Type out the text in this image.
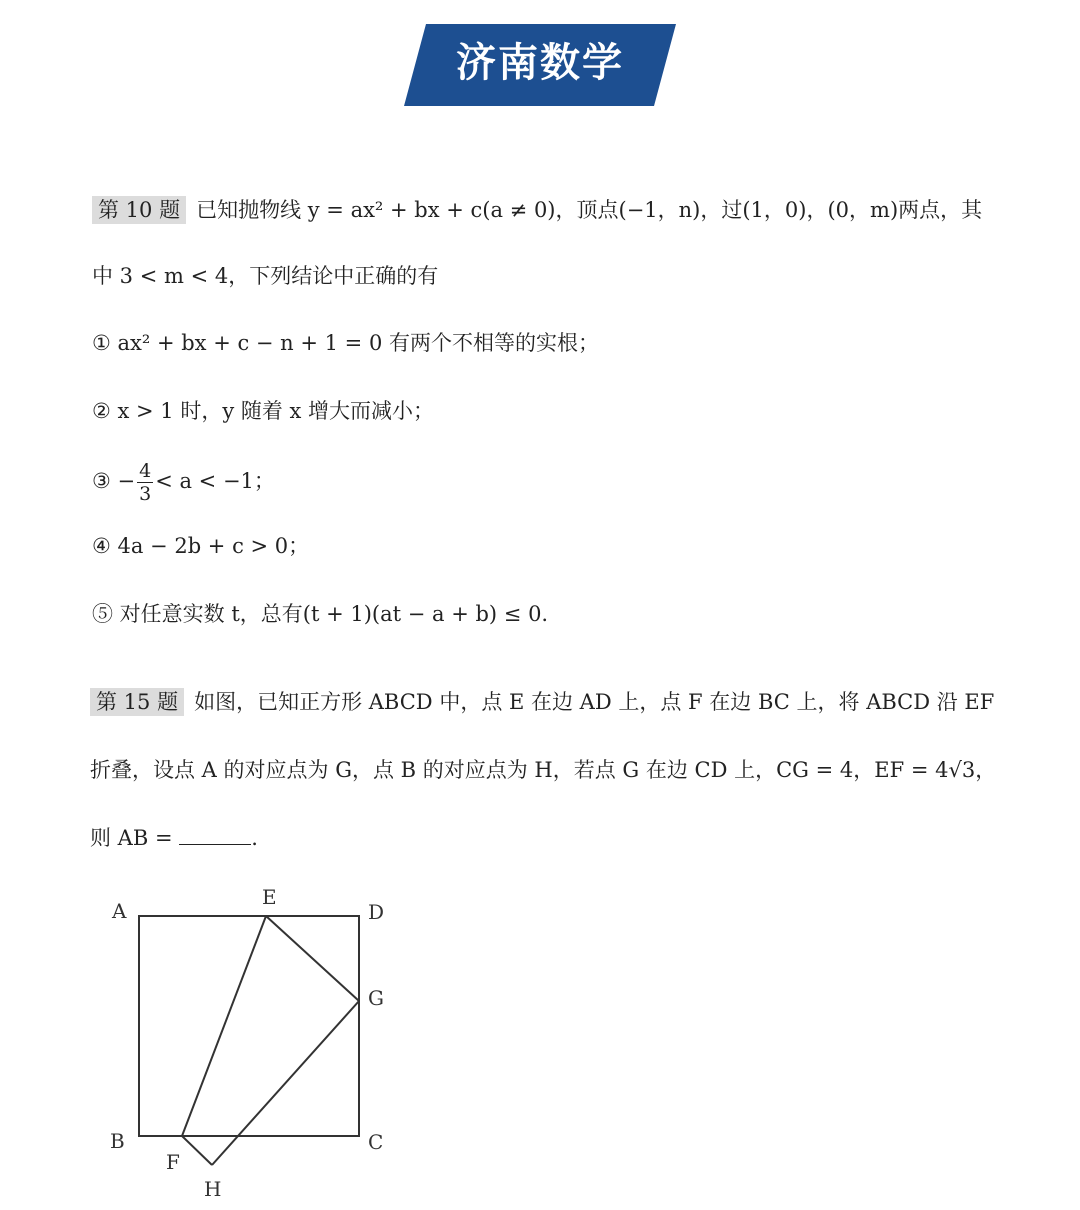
济南数学
第 10 题 已知抛物线 y = ax² + bx + c(a ≠ 0)，顶点(−1，n)，过(1，0)，(0，m)两点，其
中 3 < m < 4，下列结论中正确的有
① ax² + bx + c − n + 1 = 0 有两个不相等的实根；
② x > 1 时，y 随着 x 增大而减小；
③ − $\frac{4}{3} < a < -1$；
④ 4a − 2b + c > 0；
⑤ 对任意实数 t，总有(t + 1)(at − a + b) ≤ 0.
第 15 题 如图，已知正方形 ABCD 中，点 E 在边 AD 上，点 F 在边 BC 上，将 ABCD 沿 EF
折叠，设点 A 的对应点为 G，点 B 的对应点为 H，若点 G 在边 CD 上，CG = 4，EF = 4√3，
则 AB =	.
A
E
D
G
B	C
F
H
